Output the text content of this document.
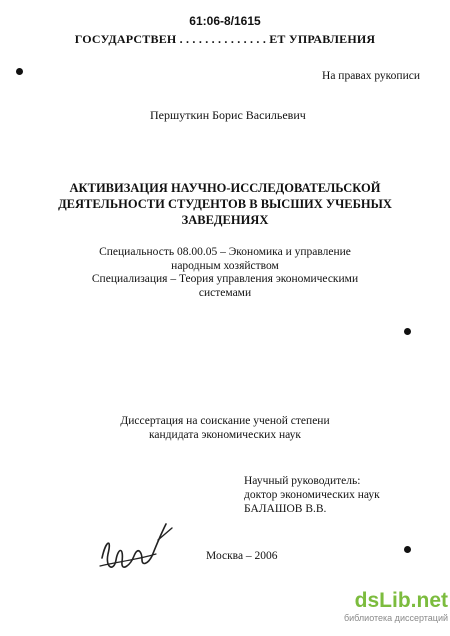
61:06-8/1615
ГОСУДАРСТВЕН . . . . . . . . . . . . . . ЕТ УПРАВЛЕНИЯ
На правах рукописи
Першуткин Борис Васильевич
АКТИВИЗАЦИЯ НАУЧНО-ИССЛЕДОВАТЕЛЬСКОЙ
ДЕЯТЕЛЬНОСТИ СТУДЕНТОВ В ВЫСШИХ УЧЕБНЫХ
ЗАВЕДЕНИЯХ
Специальность 08.00.05 – Экономика и управление
народным хозяйством
Специализация – Теория управления экономическими
системами
Диссертация на соискание ученой степени
кандидата экономических наук
Научный руководитель:
доктор экономических наук
БАЛАШОВ В.В.
Москва – 2006
dsLib.net
библиотека диссертаций
